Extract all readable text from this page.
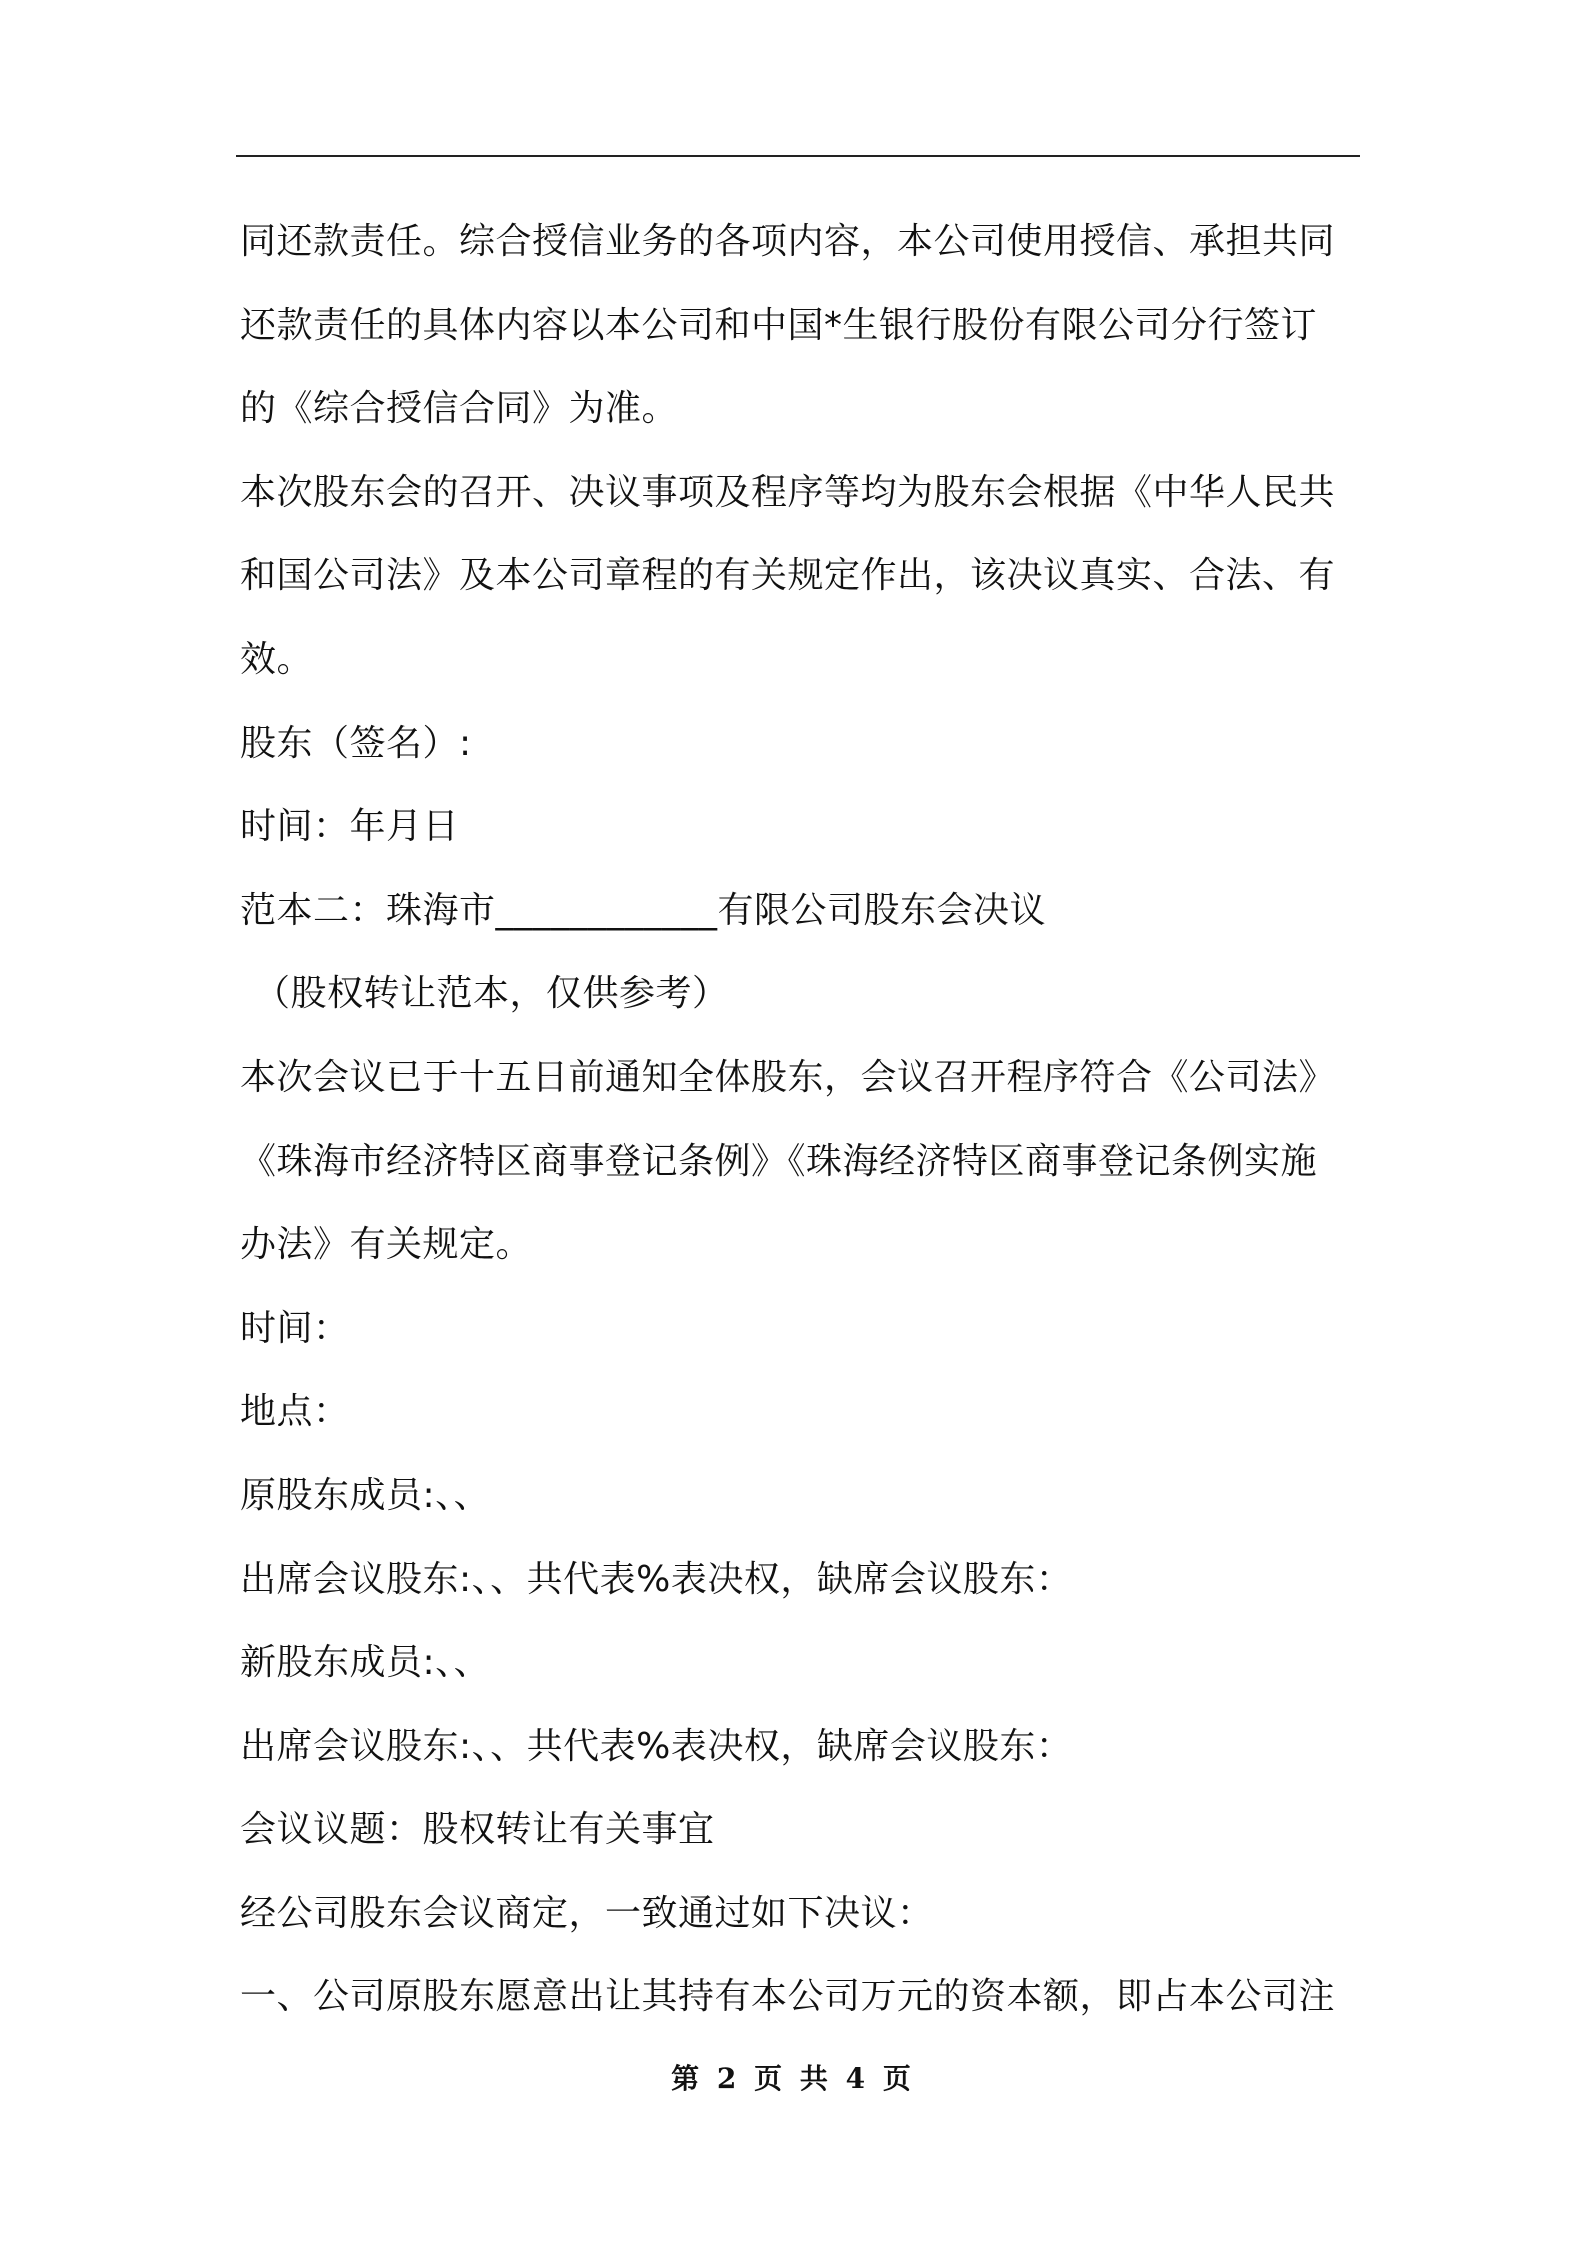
同还款责任。综合授信业务的各项内容，本公司使用授信、承担共同
还款责任的具体内容以本公司和中国*生银行股份有限公司分行签订
的《综合授信合同》为准。
本次股东会的召开、决议事项及程序等均为股东会根据《中华人民共
和国公司法》及本公司章程的有关规定作出，该决议真实、合法、有
效。
股东（签名）:
时间：年月日
范本二：珠海市____________有限公司股东会决议
（股权转让范本，仅供参考）
本次会议已于十五日前通知全体股东，会议召开程序符合《公司法》
《珠海市经济特区商事登记条例》《珠海经济特区商事登记条例实施
办法》有关规定。
时间：
地点：
原股东成员:、、
出席会议股东:、、共代表%表决权，缺席会议股东：
新股东成员:、、
出席会议股东:、、共代表%表决权，缺席会议股东：
会议议题：股权转让有关事宜
经公司股东会议商定，一致通过如下决议：
一、公司原股东愿意出让其持有本公司万元的资本额，即占本公司注
第 2 页 共 4 页
